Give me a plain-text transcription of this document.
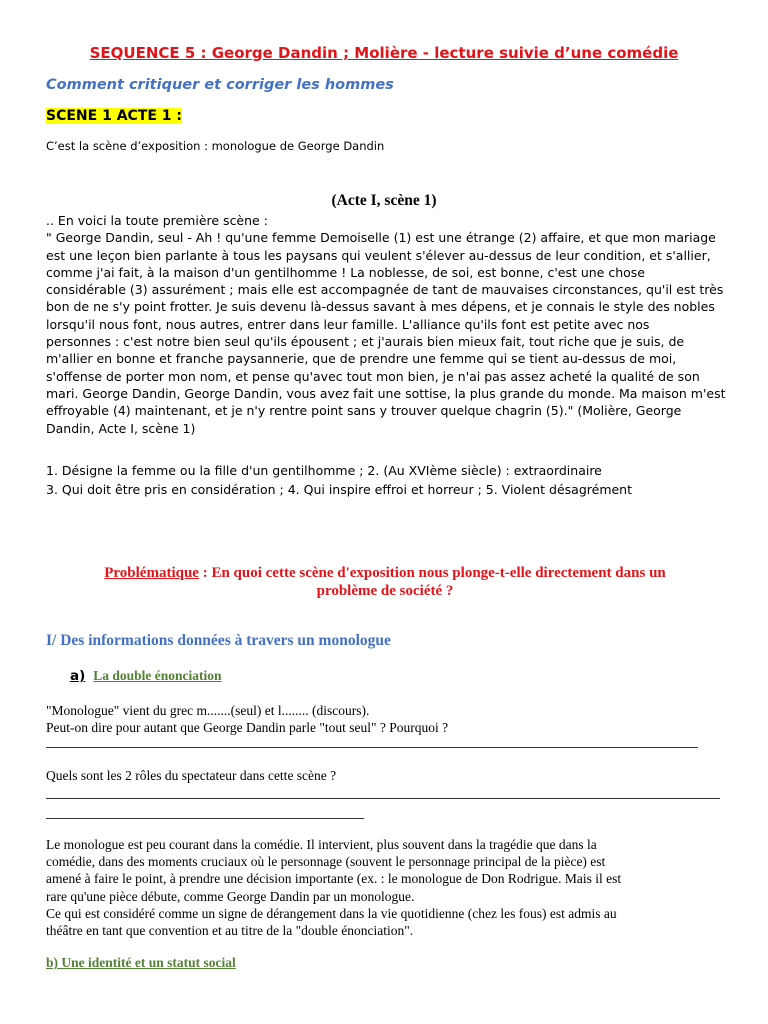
SEQUENCE 5 : George Dandin ; Molière - lecture suivie d’une comédie
Comment critiquer et corriger les hommes
SCENE 1 ACTE 1 :
C’est la scène d’exposition : monologue de George Dandin
(Acte I, scène 1)
.. En voici la toute première scène :
" George Dandin, seul - Ah ! qu'une femme Demoiselle (1) est une étrange (2) affaire, et que mon mariage
est une leçon bien parlante à tous les paysans qui veulent s'élever au-dessus de leur condition, et s'allier,
comme j'ai fait, à la maison d'un gentilhomme ! La noblesse, de soi, est bonne, c'est une chose
considérable (3) assurément ; mais elle est accompagnée de tant de mauvaises circonstances, qu'il est très
bon de ne s'y point frotter. Je suis devenu là-dessus savant à mes dépens, et je connais le style des nobles
lorsqu'il nous font, nous autres, entrer dans leur famille. L'alliance qu'ils font est petite avec nos
personnes : c'est notre bien seul qu'ils épousent ; et j'aurais bien mieux fait, tout riche que je suis, de
m'allier en bonne et franche paysannerie, que de prendre une femme qui se tient au-dessus de moi,
s'offense de porter mon nom, et pense qu'avec tout mon bien, je n'ai pas assez acheté la qualité de son
mari. George Dandin, George Dandin, vous avez fait une sottise, la plus grande du monde. Ma maison m'est
effroyable (4) maintenant, et je n'y rentre point sans y trouver quelque chagrin (5)." (Molière, George
Dandin, Acte I, scène 1)
1. Désigne la femme ou la fille d'un gentilhomme ; 2. (Au XVIème siècle) : extraordinaire
3. Qui doit être pris en considération ; 4. Qui inspire effroi et horreur ; 5. Violent désagrément
Problématique : En quoi cette scène d'exposition nous plonge-t-elle directement dans un
problème de société ?
I/ Des informations données à travers un monologue
a) La double énonciation
"Monologue" vient du grec m.......(seul) et l........ (discours).
Peut-on dire pour autant que George Dandin parle "tout seul" ? Pourquoi ?
Quels sont les 2 rôles du spectateur dans cette scène ?
Le monologue est peu courant dans la comédie. Il intervient, plus souvent dans la tragédie que dans la
comédie, dans des moments cruciaux où le personnage (souvent le personnage principal de la pièce) est
amené à faire le point, à prendre une décision importante (ex. : le monologue de Don Rodrigue. Mais il est
rare qu'une pièce débute, comme George Dandin par un monologue.
Ce qui est considéré comme un signe de dérangement dans la vie quotidienne (chez les fous) est admis au
théâtre en tant que convention et au titre de la "double énonciation".
b) Une identité et un statut social
